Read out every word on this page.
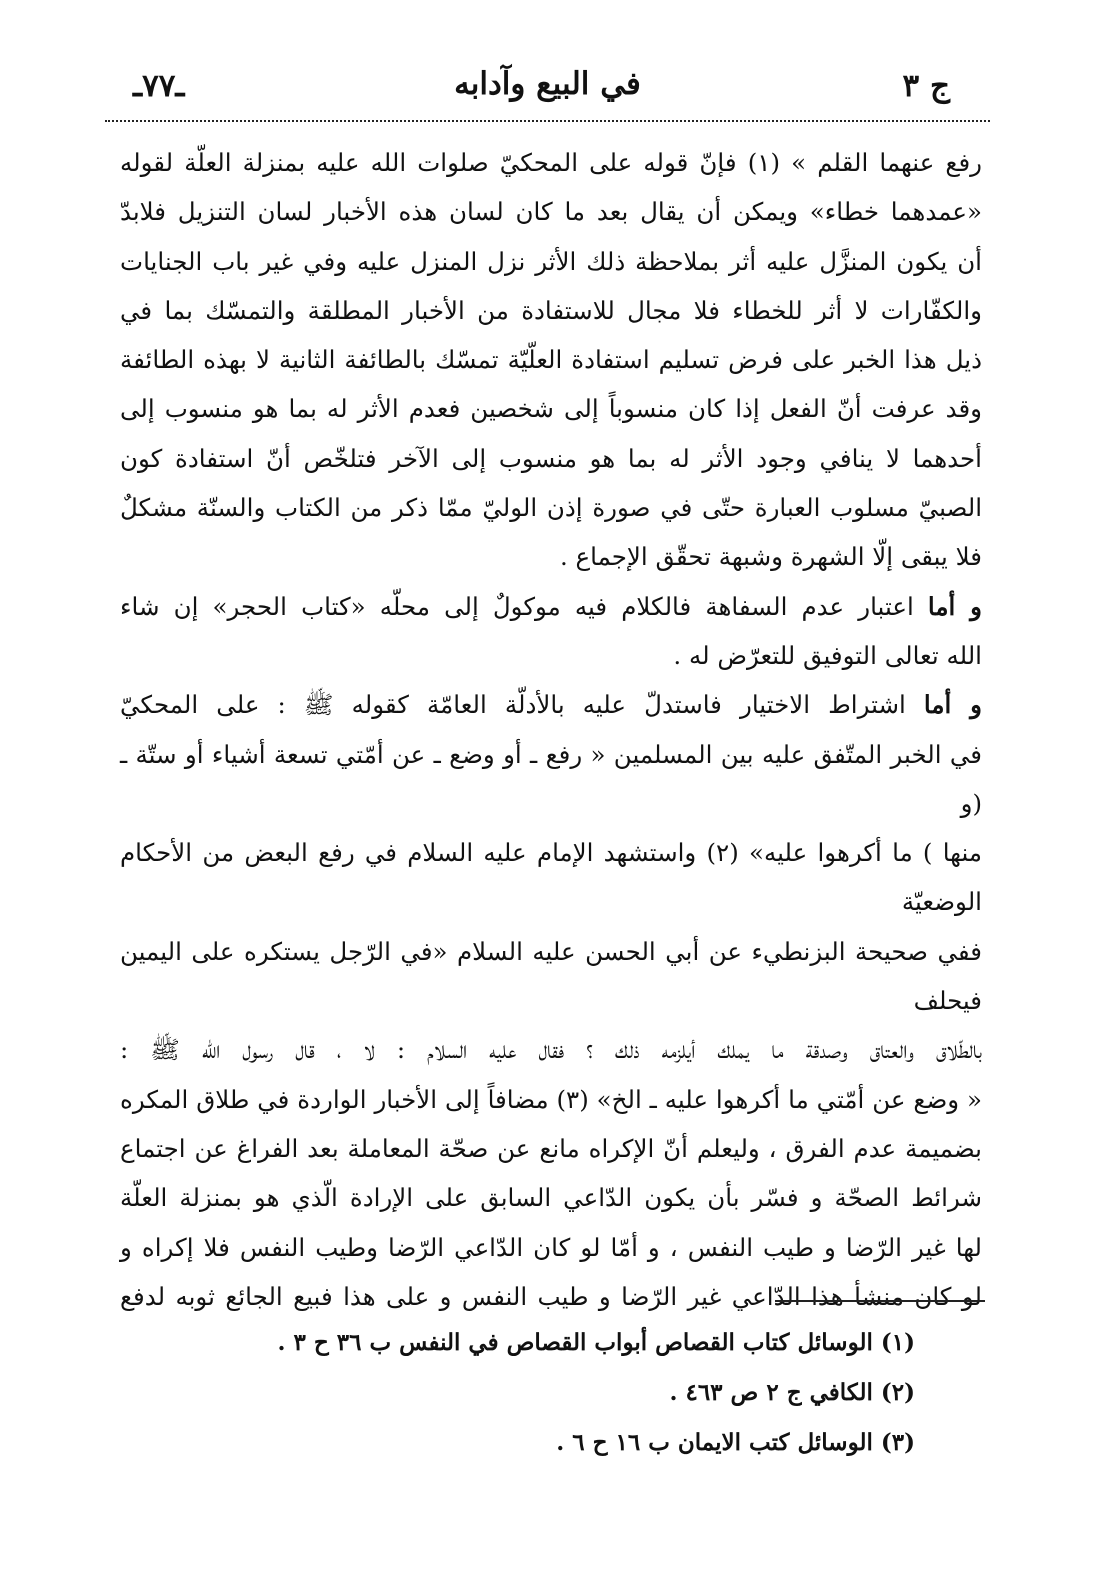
ج ٣
في البيع وآدابه
ـ٧٧ـ

رفع عنهما القلم » (١) فإنّ قوله على المحكيّ صلوات الله عليه بمنزلة العلّة لقوله

«عمدهما خطاء» ويمكن أن يقال بعد ما كان لسان هذه الأخبار لسان التنزيل فلابدّ

أن يكون المنزَّل عليه أثر بملاحظة ذلك الأثر نزل المنزل عليه وفي غير باب الجنايات

والكفّارات لا أثر للخطاء فلا مجال للاستفادة من الأخبار المطلقة والتمسّك بما في

ذيل هذا الخبر على فرض تسليم استفادة العلّيّة تمسّك بالطائفة الثانية لا بهذه الطائفة

وقد عرفت أنّ الفعل إذا كان منسوباً إلى شخصين فعدم الأثر له بما هو منسوب إلى

أحدهما لا ينافي وجود الأثر له بما هو منسوب إلى الآخر فتلخّص أنّ استفادة كون

الصبيّ مسلوب العبارة حتّى في صورة إذن الوليّ ممّا ذكر من الكتاب والسنّة مشكلٌ

فلا يبقى إلّا الشهرة وشبهة تحقّق الإجماع .

و أما اعتبار عدم السفاهة فالكلام فيه موكولٌ إلى محلّه «كتاب الحجر» إن شاء

الله تعالى التوفيق للتعرّض له .

و أما اشتراط الاختيار فاستدلّ عليه بالأدلّة العامّة كقوله ﷺ : على المحكيّ

في الخبر المتّفق عليه بين المسلمين « رفع ـ أو وضع ـ عن أمّتي تسعة أشياء أو ستّة ـ (و

منها ) ما أكرهوا عليه» (٢) واستشهد الإمام عليه السلام في رفع البعض من الأحكام الوضعيّة

ففي صحيحة البزنطيء عن أبي الحسن عليه السلام «في الرّجل يستكره على اليمين فيحلف

بالطّلاق والعتاق وصدقة ما يملك أيلزمه ذلك ؟ فقال عليه السلام : لا ، قال رسول الله ﷺ :

« وضع عن أمّتي ما أكرهوا عليه ـ الخ» (٣) مضافاً إلى الأخبار الواردة في طلاق المكره

بضميمة عدم الفرق ، وليعلم أنّ الإكراه مانع عن صحّة المعاملة بعد الفراغ عن اجتماع

شرائط الصحّة و فسّر بأن يكون الدّاعي السابق على الإرادة الّذي هو بمنزلة العلّة

لها غير الرّضا و طيب النفس ، و أمّا لو كان الدّاعي الرّضا وطيب النفس فلا إكراه و

لو كان منشأ هذا الدّاعي غير الرّضا و طيب النفس و على هذا فبيع الجائع ثوبه لدفع

(١) الوسائل كتاب القصاص أبواب القصاص في النفس ب ٣٦ ح ٣ .

(٢) الكافي ج ٢ ص ٤٦٣ .

(٣) الوسائل كتب الايمان ب ١٦ ح ٦ .
